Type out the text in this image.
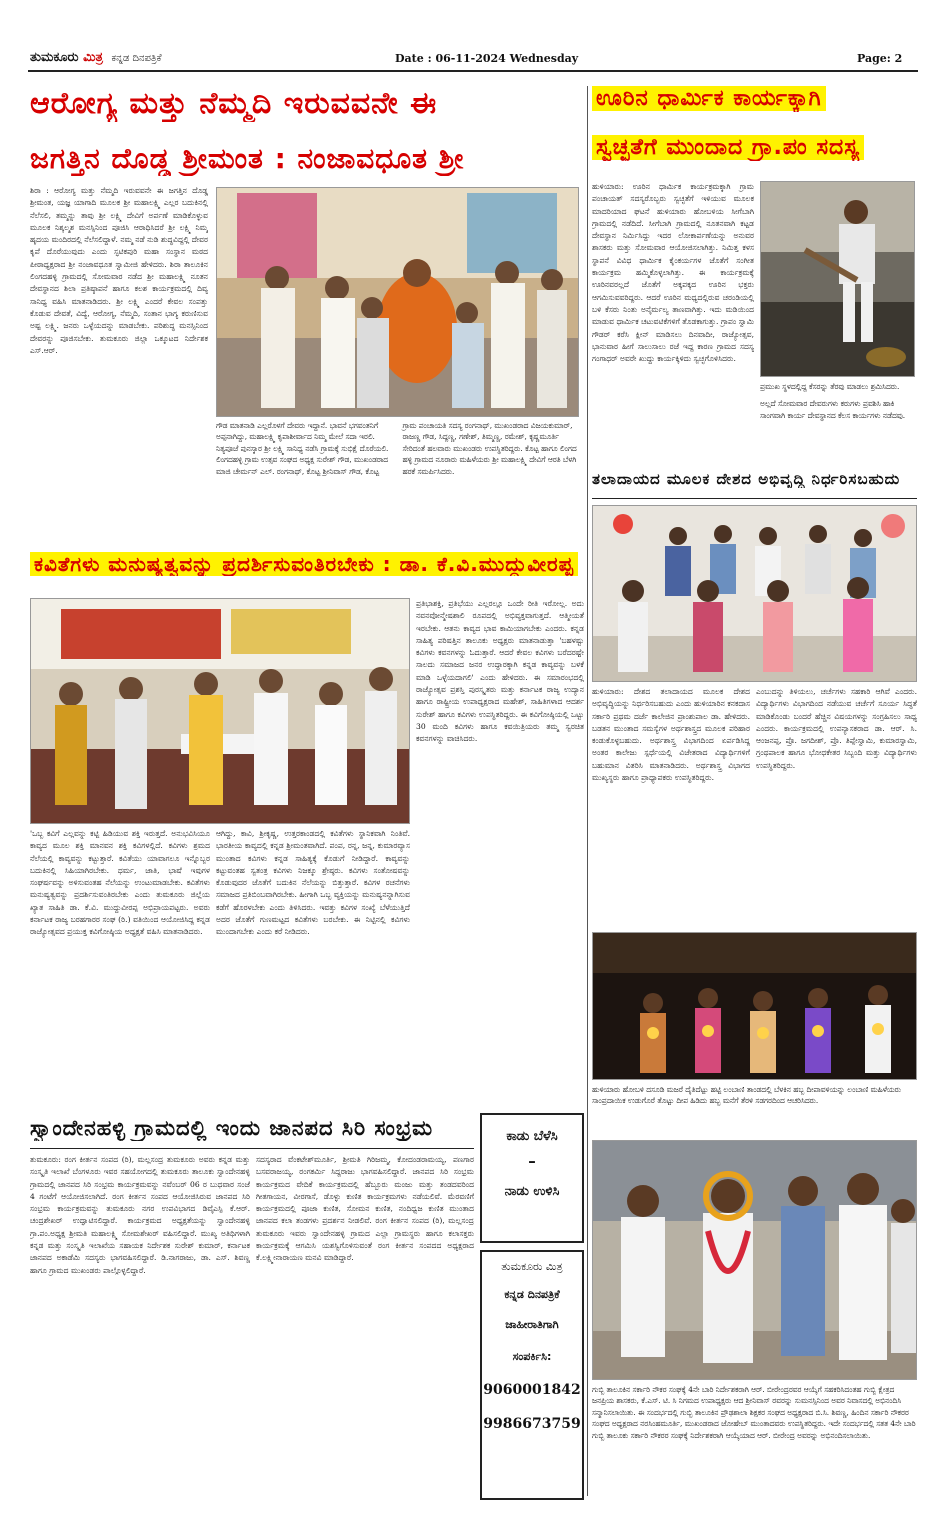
ತುಮಕೂರು ಮಿತ್ರ ಕನ್ನಡ ದಿನಪತ್ರಿಕೆ	Date : 06-11-2024 Wednesday	Page: 2
ಆರೋಗ್ಯ ಮತ್ತು ನೆಮ್ಮದಿ ಇರುವವನೇ ಈ
ಜಗತ್ತಿನ ದೊಡ್ಡ ಶ್ರೀಮಂತ : ನಂಜಾವಧೂತ ಶ್ರೀ
ಶಿರಾ : ಆರೋಗ್ಯ ಮತ್ತು ನೆಮ್ಮದಿ ಇರುವವನೇ ಈ ಜಗತ್ತಿನ ದೊಡ್ಡ ಶ್ರೀಮಂತ, ಯಜ್ಞ ಯಾಗಾದಿ ಮೂಲಕ ಶ್ರೀ ಮಹಾಲಕ್ಷ್ಮಿ ಎಲ್ಲರ ಬದುಕಿನಲ್ಲಿ ನೆಲೆಸಲಿ, ತಮ್ಮನ್ನು ತಾವು ಶ್ರೀ ಲಕ್ಷ್ಮಿ ದೇವಿಗೆ ಅರ್ಪಣೆ ಮಾಡಿಕೊಳ್ಳುವ ಮೂಲಕ ನಿಶ್ಕಲ್ಮಶ ಮನಸ್ಸಿನಿಂದ ಪೂಜಿಸಿ ಆರಾಧಿಸಿದರೆ ಶ್ರೀ ಲಕ್ಷ್ಮಿ ನಿಮ್ಮ ಹೃದಯ ಮಂದಿರದಲ್ಲಿ ನೆಲೆಸಲಿದ್ದಾಳೆ. ನಮ್ಮ ನಡೆ ನುಡಿ ಶುದ್ಧವಿದ್ದಲ್ಲಿ ದೇವರ ಕೃಪೆ ದೊರೆಯುವುದು ಎಂದು ಸ್ಫಟಿಕಪುರಿ ಮಹಾ ಸಂಸ್ಥಾನ ಮಠದ ಪೀಠಾಧ್ಯಕ್ಷರಾದ ಶ್ರೀ ನಂಜಾವಧೂತ ಸ್ವಾಮೀಜಿ ಹೇಳಿದರು. ಶಿರಾ ತಾಲೂಕಿನ ಲಿಂಗದಹಳ್ಳಿ ಗ್ರಾಮದಲ್ಲಿ ಸೋಮವಾರ ನಡೆದ ಶ್ರೀ ಮಹಾಲಕ್ಷ್ಮಿ ನೂತನ ದೇವಸ್ಥಾನದ ಶಿಲಾ ಪ್ರತಿಷ್ಠಾಪನೆ ಹಾಗೂ ಕಲಶ ಕಾರ್ಯಕ್ರಮದಲ್ಲಿ ದಿವ್ಯ ಸಾನಿಧ್ಯ ವಹಿಸಿ ಮಾತನಾಡಿದರು. ಶ್ರೀ ಲಕ್ಷ್ಮಿ ಎಂದರೆ ಕೇವಲ ಸಂಪತ್ತು ಕೊಡುವ ದೇವತೆ, ವಿದ್ಯೆ, ಆರೋಗ್ಯ, ನೆಮ್ಮದಿ, ಸಂತಾನ ಭಾಗ್ಯ ಕರುಣಿಸುವ ಅಷ್ಟ ಲಕ್ಷ್ಮಿ. ಜನರು ಒಳ್ಳೆಯದನ್ನು ಮಾಡಬೇಕು. ಪರಿಶುದ್ಧ ಮನಸ್ಸಿನಿಂದ ದೇವರನ್ನು ಪೂಜಿಸಬೇಕು. ತುಮಕೂರು ಜಿಲ್ಲಾ ಒಕ್ಕೂಟದ ನಿರ್ದೇಶಕ ಎಸ್.ಆರ್.
ಗೌಡ ಮಾತನಾಡಿ ಎಲ್ಲರೊಳಗೆ ದೇವರು ಇದ್ದಾನೆ. ಭಾವನೆ ಭಗವಂತನಿಗೆ ಅಪ್ಪನಾಗಿದ್ದು, ಮಹಾಲಕ್ಷ್ಮಿ ಕೃಪಾಶೀರ್ವಾದ ನಿಮ್ಮ ಮೇಲೆ ಸದಾ ಇರಲಿ. ನಿತ್ಯಪೂಜೆ ಪುನಸ್ಕಾರ ಶ್ರೀ ಲಕ್ಷ್ಮಿ ಸಾನಿಧ್ಯ ನಡೆಸಿ ಗ್ರಾಮಕ್ಕೆ ಸುಭಿಕ್ಷೆ ದೊರೆಯಲಿ. ಲಿಂಗದಹಳ್ಳಿ ಗ್ರಾಮ ಉತ್ಸವ ಸಂಘದ ಅಧ್ಯಕ್ಷ ಸುರೇಶ್ ಗೌಡ, ಮುಖಂಡರಾದ ಮಾಜಿ ಚೇರ್ಮನ್ ಎಲ್. ರಂಗನಾಥ್, ಕೊಟ್ಟ ಶ್ರೀನಿವಾಸ್ ಗೌಡ, ಕೊಟ್ಟ ಗ್ರಾಮ ಪಂಚಾಯತಿ ಸದಸ್ಯ ರಂಗನಾಥ್, ಮುಖಂಡರಾದ ವಿಜಯಕುಮಾರ್, ರಾಜಣ್ಣ ಗೌಡ, ಸಿದ್ದಣ್ಣ, ಗಣೇಶ್, ತಿಮ್ಮಣ್ಣ, ರಮೇಶ್, ಕೃಷ್ಣಮೂರ್ತಿ ಸೇರಿದಂತೆ ಹಲವಾರು ಮುಖಂಡರು ಉಪಸ್ಥಿತರಿದ್ದರು. ಕೊಟ್ಟ ಹಾಗೂ ಲಿಂಗದ ಹಳ್ಳಿ ಗ್ರಾಮದ ನೂರಾರು ಮಹಿಳೆಯರು ಶ್ರೀ ಮಹಾಲಕ್ಷ್ಮಿ ದೇವಿಗೆ ಆರತಿ ಬೆಳಗಿ ಹರಕೆ ಸಮರ್ಪಿಸಿದರು.
ಕವಿತೆಗಳು ಮನುಷ್ಯತ್ವವನ್ನು ಪ್ರದರ್ಶಿಸುವಂತಿರಬೇಕು : ಡಾ. ಕೆ.ವಿ.ಮುದ್ದುವೀರಪ್ಪ
ಪ್ರತಿಭಾಶಕ್ತಿ, ಪ್ರತಿಭೆಯು ಎಲ್ಲರಲ್ಲೂ ಒಂದೇ ರೀತಿ ಇರೋಲ್ಲ. ಅದು ನವನವೋನ್ಮೇಷಶಾಲಿ ರೂಪದಲ್ಲಿ ಅಭಿವ್ಯಕ್ತವಾಗುತ್ತದೆ. ಆತ್ಮೀಯತೆ ಇರಬೇಕು. ಆತನು ಕಾವ್ಯದ ಭಾವ ಕಾಮಿಯಾಗಬೇಕು ಎಂದರು. ಕನ್ನಡ ಸಾಹಿತ್ಯ ಪರಿಷತ್ತಿನ ತಾಲೂಕು ಅಧ್ಯಕ್ಷರು ಮಾತನಾಡುತ್ತಾ 'ಬಹಳಷ್ಟು ಕವಿಗಳು ಕವನಗಳನ್ನು ಓದುತ್ತಾರೆ. ಆದರೆ ಕೇವಲ ಕವಿಗಳು ಬರೆದರಷ್ಟೇ ಸಾಲದು ಸಮಾಜದ ಜನರ ಉದ್ಧಾರಕ್ಕಾಗಿ ಕನ್ನಡ ಕಾವ್ಯವನ್ನು ಬಳಕೆ ಮಾಡಿ ಒಳ್ಳೆಯದಾಗಲಿ' ಎಂದು ಹೇಳಿದರು. ಈ ಸಮಾರಂಭದಲ್ಲಿ ರಾಜ್ಯೋತ್ಸವ ಪ್ರಶಸ್ತಿ ಪುರಸ್ಕೃತರು ಮತ್ತು ಕರ್ನಾಟಕ ರಾಜ್ಯ ಉದ್ಯಾನ ಹಾಗೂ ರಾಷ್ಟ್ರೀಯ ಉಪಾಧ್ಯಕ್ಷರಾದ ಮಹೇಶ್, ಸಾಹಿತಿಗಳಾದ ಆದರ್ಶ ಸುರೇಶ್ ಹಾಗೂ ಕವಿಗಳು ಉಪಸ್ಥಿತರಿದ್ದರು. ಈ ಕವಿಗೋಷ್ಠಿಯಲ್ಲಿ ಒಟ್ಟು 30 ಮಂದಿ ಕವಿಗಳು ಹಾಗೂ ಕವಯಿತ್ರಿಯರು ತಮ್ಮ ಸ್ವರಚಿತ ಕವನಗಳನ್ನು ವಾಚಿಸಿದರು.
'ಒಬ್ಬ ಕವಿಗೆ ಎಲ್ಲವನ್ನು ಕಟ್ಟಿ ಹಿಡಿಯುವ ಶಕ್ತಿ ಇರುತ್ತದೆ. ಅನುಭವಿಸಿಯೂ ಕಾವ್ಯದ ಮೂಲ ಶಕ್ತಿ ಮಾನವನ ಶಕ್ತಿ ಕವಿಗಳಲ್ಲಿದೆ. ಕವಿಗಳು ಶ್ರಮದ ನೆಲೆಯಲ್ಲಿ ಕಾವ್ಯವನ್ನು ಕಟ್ಟುತ್ತಾರೆ. ಕವಿತೆಯು ಯಾವಾಗಲೂ ಇನ್ನೊಬ್ಬರ ಬದುಕಿನಲ್ಲಿ ಸಿಹಿಯಾಗಿರಬೇಕು. ಧರ್ಮ, ಜಾತಿ, ಭಾಷೆ ಇವುಗಳ ಸಂಘರ್ಷವನ್ನು ಅಳಿಸುವಂತಹ ನೆಲೆಯನ್ನು ಉಂಟುಮಾಡಬೇಕು. ಕವಿತೆಗಳು ಮನುಷ್ಯತ್ವವನ್ನು ಪ್ರದರ್ಶಿಸುವಂತಿರಬೇಕು ಎಂದು ತುಮಕೂರು ಜಿಲ್ಲೆಯ ಖ್ಯಾತ ಸಾಹಿತಿ ಡಾ. ಕೆ.ವಿ. ಮುದ್ದುವೀರಪ್ಪ ಅಭಿಪ್ರಾಯಪಟ್ಟರು. ಅವರು ಕರ್ನಾಟಕ ರಾಜ್ಯ ಬರಹಗಾರರ ಸಂಘ (ರಿ.) ವತಿಯಿಂದ ಆಯೋಜಿಸಿದ್ದ ಕನ್ನಡ ರಾಜ್ಯೋತ್ಸವದ ಪ್ರಯುಕ್ತ ಕವಿಗೋಷ್ಠಿಯ ಅಧ್ಯಕ್ಷತೆ ವಹಿಸಿ ಮಾತನಾಡಿದರು.
ಆಗಿದ್ದು, ಕಾವಿ, ಶ್ರೀಕೃಷ್ಣ, ಉತ್ತರಕಾಂಡದಲ್ಲಿ ಕವಿತೆಗಳು ಸ್ಥಾನಿಕವಾಗಿ ನಿಂತಿವೆ. ಭಾರತೀಯ ಕಾವ್ಯದಲ್ಲಿ ಕನ್ನಡ ಶ್ರೀಮಂತವಾಗಿದೆ. ಪಂಪ, ರನ್ನ, ಜನ್ನ, ಕುಮಾರವ್ಯಾಸ ಮುಂತಾದ ಕವಿಗಳು ಕನ್ನಡ ಸಾಹಿತ್ಯಕ್ಕೆ ಕೊಡುಗೆ ನೀಡಿದ್ದಾರೆ. ಕಾವ್ಯವನ್ನು ಕಟ್ಟುವಂತಹ ಸ್ವತಂತ್ರ ಕವಿಗಳು ನಿಜಕ್ಕೂ ಶ್ರೇಷ್ಠರು. ಕವಿಗಳು ಸಂತೋಷವನ್ನು ಕೊಡುವುದರ ಜೊತೆಗೆ ಬದುಕಿನ ನೆಲೆಯನ್ನು ಬಿತ್ತುತ್ತಾರೆ. ಕವಿಗಳ ರಚನೆಗಳು ಸಮಾಜದ ಪ್ರತಿಬಿಂಬವಾಗಿರಬೇಕು. ಹೀಗಾಗಿ ಒಬ್ಬ ವ್ಯಕ್ತಿಯನ್ನು ಮನುಷ್ಯನನ್ನಾಗಿಸುವ ಕಡೆಗೆ ಹೊರಳಬೇಕು ಎಂದು ತಿಳಿಸಿದರು. ಇವತ್ತು ಕವಿಗಳ ಸಂಖ್ಯೆ ಬೆಳೆಯುತ್ತಿದೆ ಅದರ ಜೊತೆಗೆ ಗುಣಮಟ್ಟದ ಕವಿತೆಗಳು ಬರಬೇಕು. ಈ ನಿಟ್ಟಿನಲ್ಲಿ ಕವಿಗಳು ಮುಂದಾಗಬೇಕು ಎಂದು ಕರೆ ನೀಡಿದರು.
ಸ್ವಾಂದೇನಹಳ್ಳಿ ಗ್ರಾಮದಲ್ಲಿ ಇಂದು ಜಾನಪದ ಸಿರಿ ಸಂಭ್ರಮ
ತುಮಕೂರು: ರಂಗ ಕೀರ್ತನ ಸಂಪದ (ರಿ), ಮಲ್ಲಸಂದ್ರ ತುಮಕೂರು ಅವರು ಕನ್ನಡ ಮತ್ತು ಸಂಸ್ಕೃತಿ ಇಲಾಖೆ ಬೆಂಗಳೂರು ಇವರ ಸಹಯೋಗದಲ್ಲಿ ತುಮಕೂರು ತಾಲೂಕು ಸ್ವಾಂದೇನಹಳ್ಳಿ ಗ್ರಾಮದಲ್ಲಿ ಜಾನಪದ ಸಿರಿ ಸಂಭ್ರಮ ಕಾರ್ಯಕ್ರಮವನ್ನು ನವೆಂಬರ್ 06 ರ ಬುಧವಾರ ಸಂಜೆ 4 ಗಂಟೆಗೆ ಆಯೋಜಿಸಲಾಗಿದೆ. ರಂಗ ಕೀರ್ತನ ಸಂಪದ ಆಯೋಜಿಸಿರುವ ಜಾನಪದ ಸಿರಿ ಸಂಭ್ರಮ ಕಾರ್ಯಕ್ರಮವನ್ನು ತುಮಕೂರು ನಗರ ಉಪವಿಭಾಗದ ಡಿವೈಎಸ್ಪಿ ಕೆ.ಆರ್. ಚಂದ್ರಶೇಖರ್ ಉದ್ಘಾಟಿಸಲಿದ್ದಾರೆ. ಕಾರ್ಯಕ್ರಮದ ಅಧ್ಯಕ್ಷತೆಯನ್ನು ಸ್ವಾಂದೇನಹಳ್ಳಿ ಗ್ರಾ.ಪಂ.ಅಧ್ಯಕ್ಷ ಶ್ರೀಮತಿ ಮಹಾಲಕ್ಷ್ಮಿ ಸೋಮಶೇಖರ್ ವಹಿಸಲಿದ್ದಾರೆ. ಮುಖ್ಯ ಅತಿಥಿಗಳಾಗಿ ಕನ್ನಡ ಮತ್ತು ಸಂಸ್ಕೃತಿ ಇಲಾಖೆಯ ಸಹಾಯಕ ನಿರ್ದೇಶಕ ಸುರೇಶ್ ಕುಮಾರ್, ಕರ್ನಾಟಕ ಜಾನಪದ ಅಕಾಡೆಮಿ ಸದಸ್ಯರು ಭಾಗವಹಿಸಲಿದ್ದಾರೆ. ಡಿ.ನಾಗರಾಜು, ಡಾ. ಎಸ್. ಶಿವಣ್ಣ ಹಾಗೂ ಗ್ರಾಮದ ಮುಖಂಡರು ಪಾಲ್ಗೊಳ್ಳಲಿದ್ದಾರೆ.
ಸದಸ್ಯರಾದ ವೆಂಕಟೇಶ್‌ಮೂರ್ತಿ, ಶ್ರೀಮತಿ ಗಿರಿಜಮ್ಮ, ಕೋದಂಡರಾಮಯ್ಯ, ಪಣಗಾರ ಬಸವರಾಜಯ್ಯ, ರಂಗಕರ್ಮಿ ಸಿದ್ದರಾಜು ಭಾಗವಹಿಸಲಿದ್ದಾರೆ. ಜಾನಪದ ಸಿರಿ ಸಂಭ್ರಮ ಕಾರ್ಯಕ್ರಮದ ವೇದಿಕೆ ಕಾರ್ಯಕ್ರಮದಲ್ಲಿ ಹೆಬ್ಬೂರು ಮಂಜು ಮತ್ತು ತಂಡದವರಿಂದ ಗೀತಗಾಯನ, ವೀರಗಾಸೆ, ಡೊಳ್ಳು ಕುಣಿತ ಕಾರ್ಯಕ್ರಮಗಳು ನಡೆಯಲಿವೆ. ಮೆರವಣಿಗೆ ಕಾರ್ಯಕ್ರಮದಲ್ಲಿ ಪೂಜಾ ಕುಣಿತ, ಸೋಮನ ಕುಣಿತ, ನಂದಿಧ್ವಜ ಕುಣಿತ ಮುಂತಾದ ಜಾನಪದ ಕಲಾ ತಂಡಗಳು ಪ್ರದರ್ಶನ ನೀಡಲಿವೆ. ರಂಗ ಕೀರ್ತನ ಸಂಪದ (ರಿ), ಮಲ್ಲಸಂದ್ರ ತುಮಕೂರು ಇವರು ಸ್ವಾಂದೇನಹಳ್ಳಿ ಗ್ರಾಮದ ಎಲ್ಲಾ ಗ್ರಾಮಸ್ಥರು ಹಾಗೂ ಕಲಾಸಕ್ತರು ಕಾರ್ಯಕ್ರಮಕ್ಕೆ ಆಗಮಿಸಿ ಯಶಸ್ವಿಗೊಳಿಸುವಂತೆ ರಂಗ ಕೀರ್ತನ ಸಂಪದದ ಅಧ್ಯಕ್ಷರಾದ ಕೆ.ಲಕ್ಷ್ಮೀನಾರಾಯಣ ಮನವಿ ಮಾಡಿದ್ದಾರೆ.
ಕಾಡು ಬೆಳೆಸಿ
–
ನಾಡು ಉಳಿಸಿ
ತುಮಕೂರು ಮಿತ್ರ
ಕನ್ನಡ ದಿನಪತ್ರಿಕೆ
ಜಾಹೀರಾತಿಗಾಗಿ
ಸಂಪರ್ಕಿಸಿ:
9060001842
9986673759
ಊರಿನ ಧಾರ್ಮಿಕ ಕಾರ್ಯಕ್ಕಾಗಿ
ಸ್ವಚ್ಛತೆಗೆ ಮುಂದಾದ ಗ್ರಾ.ಪಂ ಸದಸ್ಯ
ಹುಳಿಯಾರು: ಊರಿನ ಧಾರ್ಮಿಕ ಕಾರ್ಯಕ್ರಮಕ್ಕಾಗಿ ಗ್ರಾಮ ಪಂಚಾಯತ್ ಸದಸ್ಯರೊಬ್ಬರು ಸ್ವಚ್ಛತೆಗೆ ಇಳಿಯುವ ಮೂಲಕ ಮಾದರಿಯಾದ ಘಟನೆ ಹುಳಿಯಾರು ಹೋಬಳಿಯ ಸೀಗೆಬಾಗಿ ಗ್ರಾಮದಲ್ಲಿ ನಡೆದಿದೆ. ಸೀಗೆಬಾಗಿ ಗ್ರಾಮದಲ್ಲಿ ನೂತನವಾಗಿ ಕಟ್ಟಡ ದೇವಸ್ಥಾನ ನಿರ್ಮಿಸಿದ್ದು ಇದರ ಲೋಕಾರ್ಪಣೆಯನ್ನು ಅನುವರ ಶಾಸಕರು ಮತ್ತು ಸೋಮವಾರ ಆಯೋಜಿಸಲಾಗಿತ್ತು. ನಿಮಿತ್ತ ಕಳಸ ಸ್ಥಾಪನೆ ವಿವಿಧ ಧಾರ್ಮಿಕ ಕೈಂಕರ್ಯಗಳ ಜೊತೆಗೆ ಸಂಗೀತ ಕಾರ್ಯಕ್ರಮ ಹಮ್ಮಿಕೊಳ್ಳಲಾಗಿತ್ತು. ಈ ಕಾರ್ಯಕ್ರಮಕ್ಕೆ ಊರಿನವರಲ್ಲದೆ ಜೊತೆಗೆ ಅಕ್ಕಪಕ್ಕದ ಊರಿನ ಭಕ್ತರು ಆಗಮಿಸುವವರಿದ್ದರು. ಆದರೆ ಊರಿನ ಮಧ್ಯದಲ್ಲಿರುವ ಚರಂಡಿಯಲ್ಲಿ ಬಳಿ ಕೆಸರು ನಿಂತು ಅನೈರ್ಮಲ್ಯ ತಾಣವಾಗಿತ್ತು. ಇದು ಮಡಿಯಿಂದ ಮಾಡುವ ಧಾರ್ಮಿಕ ಚಟುವಟಿಕೆಗಳಿಗೆ ತೊಡಕಾಗುತ್ತು. ಗ್ರಾಪಂ ಸ್ವಾಮಿ ಗೌಡರ್ ಕರೆಸಿ ಕ್ಲೀನ್ ಮಾಡಿಸಲು ದಿನವಾದೀ, ರಾಜ್ಯೋತ್ಸವ, ಭಾನುವಾರ ಹೀಗೆ ಸಾಲುಸಾಲು ರಜೆ ಇದ್ದ ಕಾರಣ ಗ್ರಾಮದ ಸದಸ್ಯ ಗಂಗಾಧರ್ ಅವರೇ ಖುದ್ದು ಕಾರ್ಯಕ್ಕಿಳಿದು ಸ್ವಚ್ಛಗೊಳಿಸಿದರು.
ಪ್ರಮುಖ ಸ್ಥಳದಲ್ಲಿದ್ದ ಕೆಸರನ್ನು ತೆರವು ಮಾಡಲು ಶ್ರಮಿಸಿದರು.
ಅಲ್ಲದೆ ಸೋಮವಾರ ದೇವರುಗಳು ಕರುಗಳು ಪ್ರವಶಿಸಿ ಹಾಕಿ ಸಾಂಗವಾಗಿ ಕಾರ್ಯ ದೇವಸ್ಥಾನದ ಕೆಲಸ ಕಾರ್ಯಗಳು ನಡೆದವು.
ತಲಾದಾಯದ ಮೂಲಕ ದೇಶದ ಅಭಿವೃದ್ಧಿ ನಿರ್ಧರಿಸಬಹುದು
ಹುಳಿಯಾರು: ದೇಶದ ತಲಾದಾಯದ ಮೂಲಕ ದೇಶದ ಅಭಿವೃದ್ಧಿಯನ್ನು ನಿರ್ಧರಿಸಬಹುದು ಎಂದು ಹುಳಿಯಾರಿನ ಕನಕದಾಸ ಸರ್ಕಾರಿ ಪ್ರಥಮ ದರ್ಜೆ ಕಾಲೇಜಿನ ಪ್ರಾಂಶುಪಾಲ ಡಾ. ಹೇಳಿದರು. ಬಡತನ ಮುಂತಾದ ಸಮಸ್ಯೆಗಳ ಅರ್ಥಶಾಸ್ತ್ರದ ಮೂಲಕ ಪರಿಹಾರ ಕಂಡುಕೊಳ್ಳಬಹುದು. ಅರ್ಥಶಾಸ್ತ್ರ ವಿಭಾಗದಿಂದ ಏರ್ಪಡಿಸಿದ್ದ ಅಂತರ ಕಾಲೇಜು ಸ್ಪರ್ಧೆಯಲ್ಲಿ ವಿಜೇತರಾದ ವಿದ್ಯಾರ್ಥಿಗಳಿಗೆ ಬಹುಮಾನ ವಿತರಿಸಿ ಮಾತನಾಡಿದರು. ಅರ್ಥಶಾಸ್ತ್ರ ವಿಭಾಗದ ಮುಖ್ಯಸ್ಥರು ಹಾಗೂ ಪ್ರಾಧ್ಯಾಪಕರು ಉಪಸ್ಥಿತರಿದ್ದರು.
ಎಂಬುದನ್ನು ತಿಳಿಯಲು, ಚರ್ಚೆಗಳು ಸಹಕಾರಿ ಆಗಿವೆ ಎಂದರು. ವಿದ್ಯಾರ್ಥಿಗಳು ವಿಭಾಗದಿಂದ ನಡೆಯುವ ಚರ್ಚೆಗೆ ಸೂರ್ಯ ಸಿದ್ಧತೆ ಮಾಡಿಕೊಂಡು ಬಂದರೆ ಹೆಚ್ಚಿನ ವಿಷಯಗಳನ್ನು ಸಂಗ್ರಹಿಸಲು ಸಾಧ್ಯ ಎಂದರು. ಕಾರ್ಯಕ್ರಮದಲ್ಲಿ ಉಪನ್ಯಾಸಕರಾದ ಡಾ. ಆರ್. ಸಿ. ಆಂಜನಪ್ಪ, ಪ್ರೊ. ಜಗದೀಶ್, ಪ್ರೊ. ತಿಪ್ಪೇಸ್ವಾಮಿ, ಕುಮಾರಸ್ವಾಮಿ, ಗ್ರಂಥಪಾಲಕ ಹಾಗೂ ಭೋಧಕೇತರ ಸಿಬ್ಬಂದಿ ಮತ್ತು ವಿದ್ಯಾರ್ಥಿಗಳು ಉಪಸ್ಥಿತರಿದ್ದರು.
ಹುಳಿಯಾರು ಹೋಬಳಿ ದಸೂಡಿ ಮಜರೆ ದೈತಿದೆಟ್ಟು ಹಟ್ಟಿ ಲಂಬಾಣಿ ತಾಂಡದಲ್ಲಿ ಬೆಳಕಿನ ಹಬ್ಬ ದೀಪಾವಳಿಯನ್ನು ಲಂಬಾಣಿ ಮಹಿಳೆಯರು ಸಾಂಪ್ರದಾಯಿಕ ಉಡುಗೊರೆ ತೊಟ್ಟು ದೀಪ ಹಿಡಿದು ಹಬ್ಬ ಮನೆಗೆ ತೆರಳಿ ಸಡಗರದಿಂದ ಆಚರಿಸಿದರು.
ಗುಬ್ಬಿ ತಾಲೂಕಿನ ಸರ್ಕಾರಿ ನೌಕರ ಸಂಘಕ್ಕೆ 4ನೇ ಬಾರಿ ನಿರ್ದೇಶಕರಾಗಿ ಆರ್. ಬೀರೇಂದ್ರರವರ ಆಯ್ಕೆಗೆ ಸಹಕರಿಸಿದಂತಹ ಗುಬ್ಬಿ ಕ್ಷೇತ್ರದ ಜನಪ್ರಿಯ ಶಾಸಕರು, ಕೆ.ಎಸ್. ಟಿ. ಸಿ ನಿಗಮದ ಉಪಾಧ್ಯಕ್ಷರು ಆದ ಶ್ರೀನಿವಾಸ್ ರವರನ್ನು ಸುಮನಸ್ಸಿನಿಂದ ಅವರ ನಿವಾಸದಲ್ಲಿ ಅಭಿನಂದಿಸಿ ಸನ್ಮಾನಿಸಲಾಯಿತು. ಈ ಸಂದರ್ಭದಲ್ಲಿ ಗುಬ್ಬಿ ತಾಲೂಕಿನ ಪ್ರೌಢಶಾಲಾ ಶಿಕ್ಷಕರ ಸಂಘದ ಅಧ್ಯಕ್ಷರಾದ ಬಿ.ಸಿ. ಶಿವಣ್ಣ, ಹಿಂದಿನ ಸರ್ಕಾರಿ ನೌಕರರ ಸಂಘದ ಅಧ್ಯಕ್ಷರಾದ ನರಸಿಂಹಮೂರ್ತಿ, ಮುಖಂಡರಾದ ಜೋಹೇಬ್ ಮುಂತಾದವರು ಉಪಸ್ಥಿತರಿದ್ದರು. ಇದೇ ಸಂದರ್ಭದಲ್ಲಿ ಸತತ 4ನೇ ಬಾರಿ ಗುಬ್ಬಿ ತಾಲೂಕು ಸರ್ಕಾರಿ ನೌಕರರ ಸಂಘಕ್ಕೆ ನಿರ್ದೇಶಕರಾಗಿ ಆಯ್ಕೆಯಾದ ಆರ್. ಬೀರೇಂದ್ರ ಅವರನ್ನು ಅಭಿನಂದಿಸಲಾಯಿತು.
